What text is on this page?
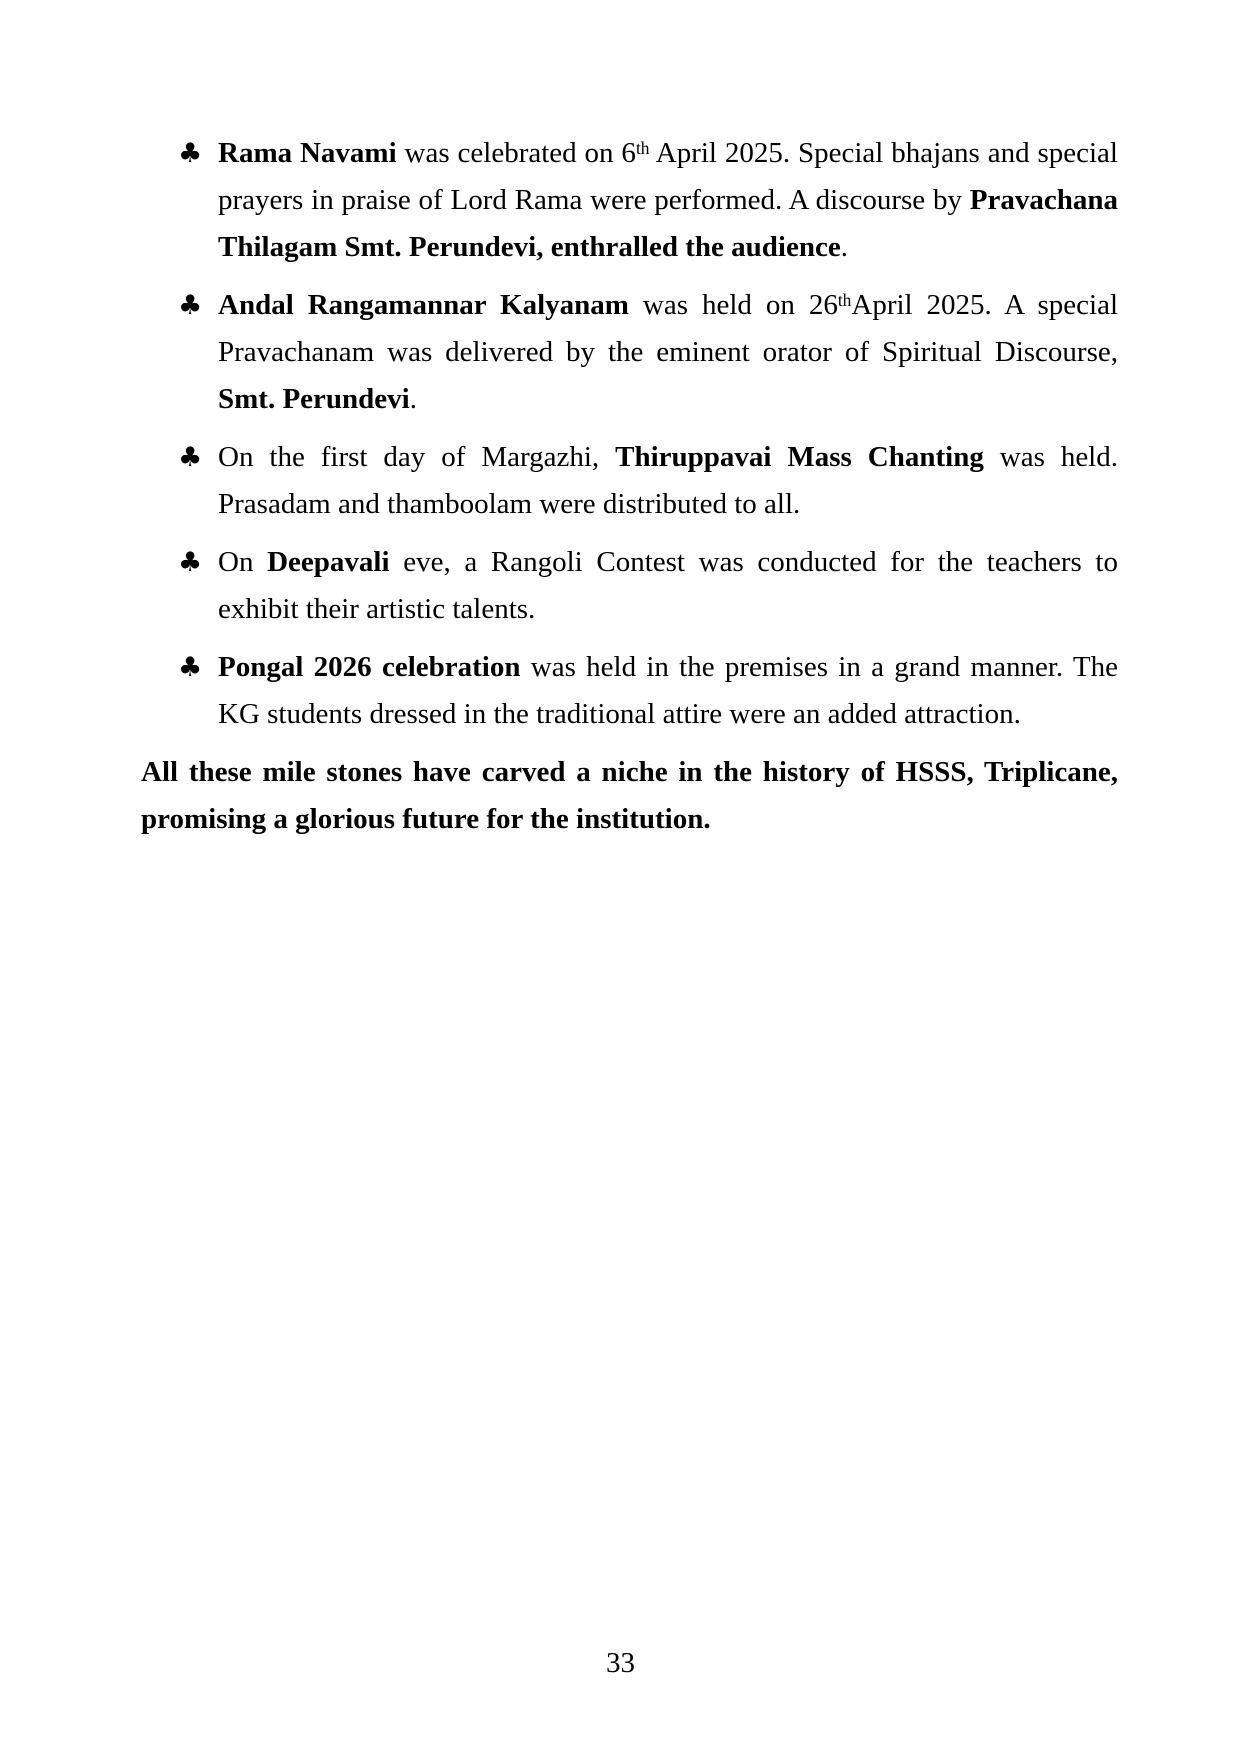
♣ Rama Navami was celebrated on 6th April 2025. Special bhajans and special prayers in praise of Lord Rama were performed. A discourse by Pravachana Thilagam Smt. Perundevi, enthralled the audience.
♣ Andal Rangamannar Kalyanam was held on 26thApril 2025. A special Pravachanam was delivered by the eminent orator of Spiritual Discourse, Smt. Perundevi.
♣ On the first day of Margazhi, Thiruppavai Mass Chanting was held. Prasadam and thamboolam were distributed to all.
♣ On Deepavali eve, a Rangoli Contest was conducted for the teachers to exhibit their artistic talents.
♣ Pongal 2026 celebration was held in the premises in a grand manner. The KG students dressed in the traditional attire were an added attraction.

All these mile stones have carved a niche in the history of HSSS, Triplicane, promising a glorious future for the institution.

33
